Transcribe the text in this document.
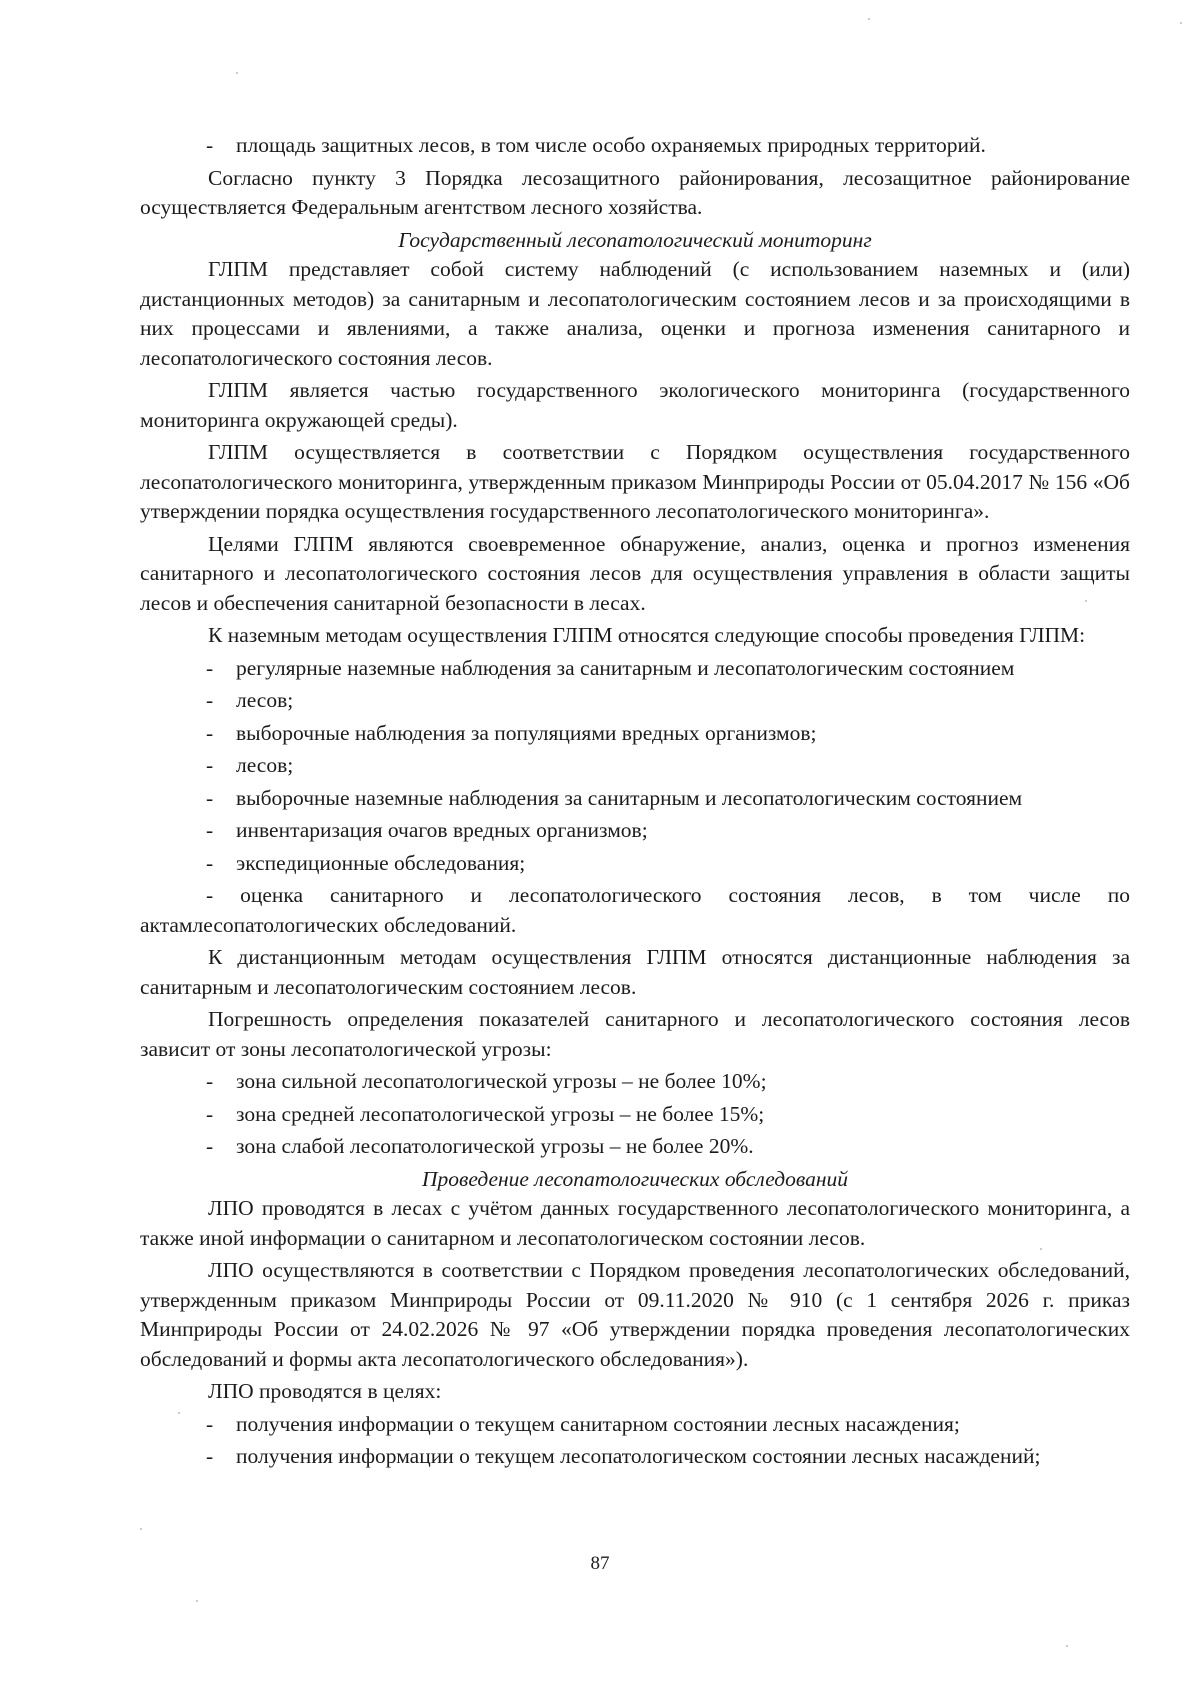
- площадь защитных лесов, в том числе особо охраняемых природных территорий.
Согласно пункту 3 Порядка лесозащитного районирования, лесозащитное районирование осуществляется Федеральным агентством лесного хозяйства.
Государственный лесопатологический мониторинг
ГЛПМ представляет собой систему наблюдений (с использованием наземных и (или) дистанционных методов) за санитарным и лесопатологическим состоянием лесов и за происходящими в них процессами и явлениями, а также анализа, оценки и прогноза изменения санитарного и лесопатологического состояния лесов.
ГЛПМ является частью государственного экологического мониторинга (государственного мониторинга окружающей среды).
ГЛПМ осуществляется в соответствии с Порядком осуществления государственного лесопатологического мониторинга, утвержденным приказом Минприроды России от 05.04.2017 № 156 «Об утверждении порядка осуществления государственного лесопатологического мониторинга».
Целями ГЛПМ являются своевременное обнаружение, анализ, оценка и прогноз изменения санитарного и лесопатологического состояния лесов для осуществления управления в области защиты лесов и обеспечения санитарной безопасности в лесах.
К наземным методам осуществления ГЛПМ относятся следующие способы проведения ГЛПМ:
- регулярные наземные наблюдения за санитарным и лесопатологическим состоянием
- лесов;
- выборочные наблюдения за популяциями вредных организмов;
- лесов;
- выборочные наземные наблюдения за санитарным и лесопатологическим состоянием
- инвентаризация очагов вредных организмов;
- экспедиционные обследования;
- оценка санитарного и лесопатологического состояния лесов, в том числе по актамлесопатологических обследований.
К дистанционным методам осуществления ГЛПМ относятся дистанционные наблюдения за санитарным и лесопатологическим состоянием лесов.
Погрешность определения показателей санитарного и лесопатологического состояния лесов зависит от зоны лесопатологической угрозы:
- зона сильной лесопатологической угрозы – не более 10%;
- зона средней лесопатологической угрозы – не более 15%;
- зона слабой лесопатологической угрозы – не более 20%.
Проведение лесопатологических обследований
ЛПО проводятся в лесах с учётом данных государственного лесопатологического мониторинга, а также иной информации о санитарном и лесопатологическом состоянии лесов.
ЛПО осуществляются в соответствии с Порядком проведения лесопатологических обследований, утвержденным приказом Минприроды России от 09.11.2020 № 910 (с 1 сентября 2026 г. приказ Минприроды России от 24.02.2026 № 97 «Об утверждении порядка проведения лесопатологических обследований и формы акта лесопатологического обследования»).
ЛПО проводятся в целях:
- получения информации о текущем санитарном состоянии лесных насаждения;
- получения информации о текущем лесопатологическом состоянии лесных насаждений;
87
